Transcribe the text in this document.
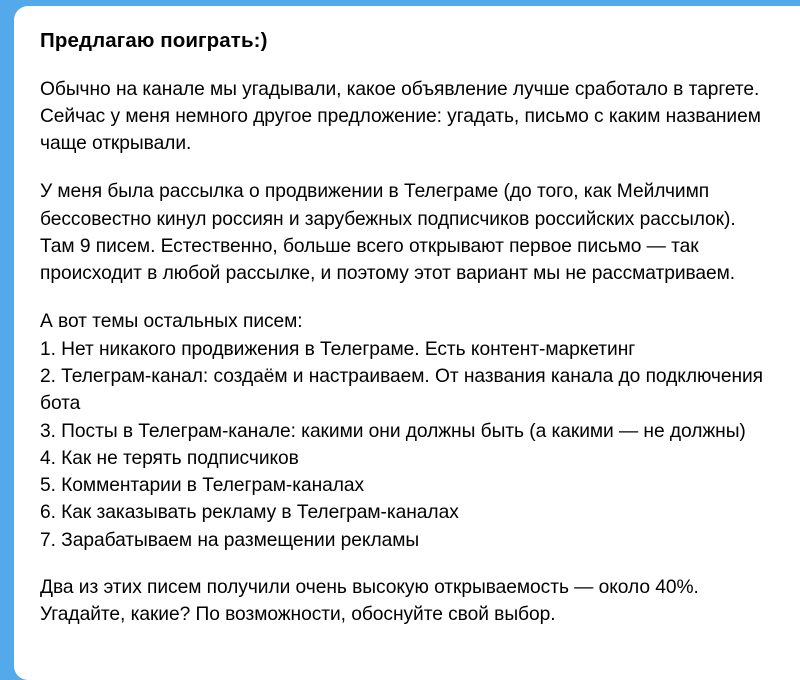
Предлагаю поиграть:)
Обычно на канале мы угадывали, какое объявление лучше сработало в таргете. Сейчас у меня немного другое предложение: угадать, письмо с каким названием чаще открывали.
У меня была рассылка о продвижении в Телеграме (до того, как Мейлчимп бессовестно кинул россиян и зарубежных подписчиков российских рассылок). Там 9 писем. Естественно, больше всего открывают первое письмо — так происходит в любой рассылке, и поэтому этот вариант мы не рассматриваем.
А вот темы остальных писем:
1. Нет никакого продвижения в Телеграме. Есть контент-маркетинг
2. Телеграм-канал: создаём и настраиваем. От названия канала до подключения бота
3. Посты в Телеграм-канале: какими они должны быть (а какими — не должны)
4. Как не терять подписчиков
5. Комментарии в Телеграм-каналах
6. Как заказывать рекламу в Телеграм-каналах
7. Зарабатываем на размещении рекламы
Два из этих писем получили очень высокую открываемость — около 40%. Угадайте, какие? По возможности, обоснуйте свой выбор.
